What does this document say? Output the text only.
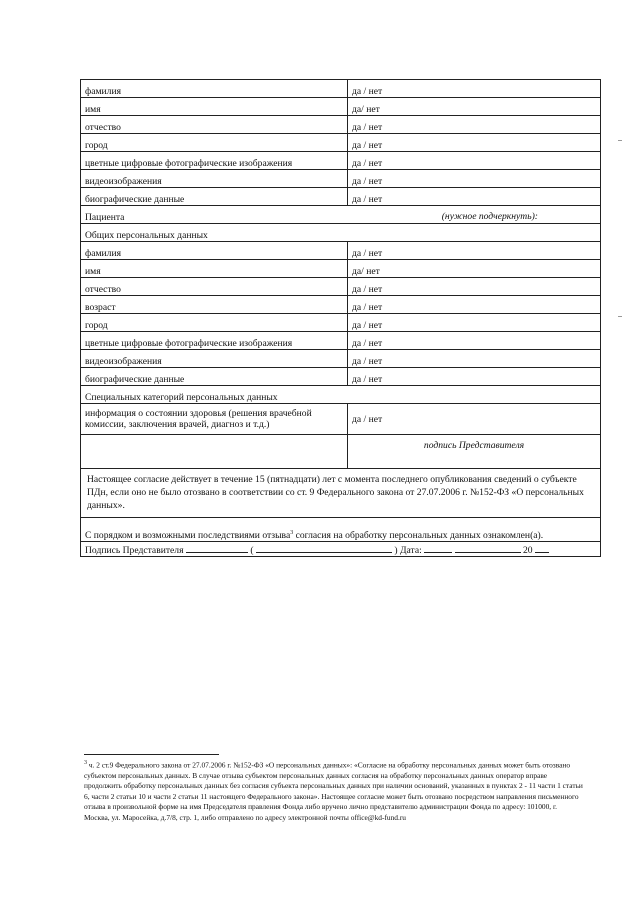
фамилия	да / нет
имя	да/ нет
отчество	да / нет
город	да / нет
цветные цифровые фотографические изображения	да / нет
видеоизображения	да / нет
биографические данные	да / нет
Пациента (нужное подчеркнуть):	

Общих персональных данных	
фамилия	да / нет
имя	да/ нет
отчество	да / нет
возраст	да / нет
город	да / нет
цветные цифровые фотографические изображения	да / нет
видеоизображения	да / нет
биографические данные	да / нет
Специальных категорий персональных данных	
информация о состоянии здоровья (решения врачебной комиссии, заключения врачей, диагноз и т.д.)	да / нет
	подпись Представителя
Настоящее согласие действует в течение 15 (пятнадцати) лет с момента последнего опубликования сведений о субъекте ПДн, если оно не было отозвано в соответствии со ст. 9 Федерального закона от 27.07.2006 г. №152-ФЗ «О персональных данных».	
С порядком и возможными последствиями отзыва$^3$ согласия на обработку персональных данных ознакомлен(а).	
Подпись Представителя ( ) Дата: 20	
$^3$ ч. 2 ст.9 Федерального закона от 27.07.2006 г. №152-ФЗ «О персональных данных»: «Согласие на обработку персональных данных может быть отозвано субъектом персональных данных. В случае отзыва субъектом персональных данных согласия на обработку персональных данных оператор вправе продолжить обработку персональных данных без согласия субъекта персональных данных при наличии оснований, указанных в пунктах 2 - 11 части 1 статьи 6, части 2 статьи 10 и части 2 статьи 11 настоящего Федерального закона». Настоящее согласие может быть отозвано посредством направления письменного отзыва в произвольной форме на имя Председателя правления Фонда либо вручено лично представителю администрации Фонда по адресу: 101000, г. Москва, ул. Маросейка, д.7/8, стр. 1, либо отправлено по адресу электронной почты office@kd-fund.ru
